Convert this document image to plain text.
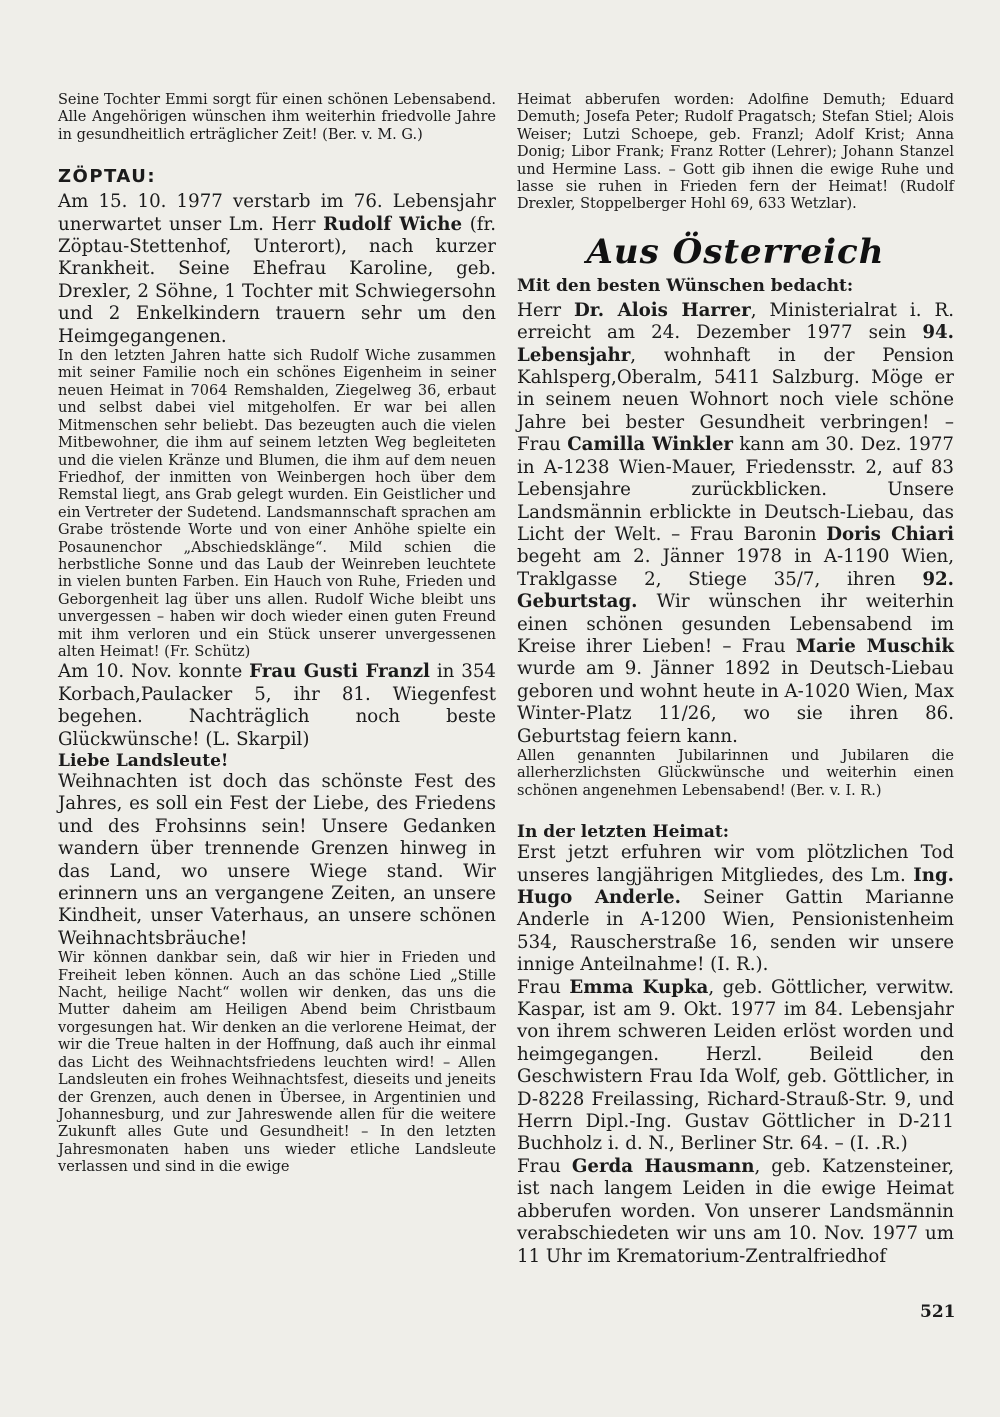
Seine Tochter Emmi sorgt für einen schönen Lebensabend. Alle Angehörigen wünschen ihm weiterhin friedvolle Jahre in gesundheitlich erträglicher Zeit! (Ber. v. M. G.)

ZÖPTAU:

Am 15. 10. 1977 verstarb im 76. Lebensjahr unerwartet unser Lm. Herr Rudolf Wiche (fr. Zöptau-Stettenhof, Unterort), nach kurzer Krankheit. Seine Ehefrau Karoline, geb. Drexler, 2 Söhne, 1 Tochter mit Schwiegersohn und 2 Enkelkindern trauern sehr um den Heimgegangenen.

In den letzten Jahren hatte sich Rudolf Wiche zusammen mit seiner Familie noch ein schönes Eigenheim in seiner neuen Heimat in 7064 Remshalden, Ziegelweg 36, erbaut und selbst dabei viel mitgeholfen. Er war bei allen Mitmenschen sehr beliebt. Das bezeugten auch die vielen Mitbewohner, die ihm auf seinem letzten Weg begleiteten und die vielen Kränze und Blumen, die ihm auf dem neuen Friedhof, der inmitten von Weinbergen hoch über dem Remstal liegt, ans Grab gelegt wurden. Ein Geistlicher und ein Vertreter der Sudetend. Landsmannschaft sprachen am Grabe tröstende Worte und von einer Anhöhe spielte ein Posaunenchor „Abschiedsklänge“. Mild schien die herbstliche Sonne und das Laub der Weinreben leuchtete in vielen bunten Farben. Ein Hauch von Ruhe, Frieden und Geborgenheit lag über uns allen. Rudolf Wiche bleibt uns unvergessen – haben wir doch wieder einen guten Freund mit ihm verloren und ein Stück unserer unvergessenen alten Heimat! (Fr. Schütz)

Am 10. Nov. konnte Frau Gusti Franzl in 354 Korbach,Paulacker 5, ihr 81. Wiegenfest begehen. Nachträglich noch beste Glückwünsche! (L. Skarpil)

Liebe Landsleute!

Weihnachten ist doch das schönste Fest des Jahres, es soll ein Fest der Liebe, des Friedens und des Frohsinns sein! Unsere Gedanken wandern über trennende Grenzen hinweg in das Land, wo unsere Wiege stand. Wir erinnern uns an vergangene Zeiten, an unsere Kindheit, unser Vaterhaus, an unsere schönen Weihnachtsbräuche!

Wir können dankbar sein, daß wir hier in Frieden und Freiheit leben können. Auch an das schöne Lied „Stille Nacht, heilige Nacht“ wollen wir denken, das uns die Mutter daheim am Heiligen Abend beim Christbaum vorgesungen hat. Wir denken an die verlorene Heimat, der wir die Treue halten in der Hoffnung, daß auch ihr einmal das Licht des Weihnachtsfriedens leuchten wird! – Allen Landsleuten ein frohes Weihnachtsfest, dieseits und jeneits der Grenzen, auch denen in Übersee, in Argentinien und Johannesburg, und zur Jahreswende allen für die weitere Zukunft alles Gute und Gesundheit! – In den letzten Jahresmonaten haben uns wieder etliche Landsleute verlassen und sind in die ewige

Heimat abberufen worden: Adolfine Demuth; Eduard Demuth; Josefa Peter; Rudolf Pragatsch; Stefan Stiel; Alois Weiser; Lutzi Schoepe, geb. Franzl; Adolf Krist; Anna Donig; Libor Frank; Franz Rotter (Lehrer); Johann Stanzel und Hermine Lass. – Gott gib ihnen die ewige Ruhe und lasse sie ruhen in Frieden fern der Heimat! (Rudolf Drexler, Stoppelberger Hohl 69, 633 Wetzlar).

Aus Österreich

Mit den besten Wünschen bedacht:

Herr Dr. Alois Harrer, Ministerialrat i. R. erreicht am 24. Dezember 1977 sein 94. Lebensjahr, wohnhaft in der Pension Kahlsperg,Oberalm, 5411 Salzburg. Möge er in seinem neuen Wohnort noch viele schöne Jahre bei bester Gesundheit verbringen! – Frau Camilla Winkler kann am 30. Dez. 1977 in A-1238 Wien-Mauer, Friedensstr. 2, auf 83 Lebensjahre zurückblicken. Unsere Landsmännin erblickte in Deutsch-Liebau, das Licht der Welt. – Frau Baronin Doris Chiari begeht am 2. Jänner 1978 in A-1190 Wien, Traklgasse 2, Stiege 35/7, ihren 92. Geburtstag. Wir wünschen ihr weiterhin einen schönen gesunden Lebensabend im Kreise ihrer Lieben! – Frau Marie Muschik wurde am 9. Jänner 1892 in Deutsch-Liebau geboren und wohnt heute in A-1020 Wien, Max Winter-Platz 11/26, wo sie ihren 86. Geburtstag feiern kann.

Allen genannten Jubilarinnen und Jubilaren die allerherzlichsten Glückwünsche und weiterhin einen schönen angenehmen Lebensabend! (Ber. v. I. R.)

In der letzten Heimat:

Erst jetzt erfuhren wir vom plötzlichen Tod unseres langjährigen Mitgliedes, des Lm. Ing. Hugo Anderle. Seiner Gattin Marianne Anderle in A-1200 Wien, Pensionistenheim 534, Rauscherstraße 16, senden wir unsere innige Anteilnahme! (I. R.).

Frau Emma Kupka, geb. Göttlicher, verwitw. Kaspar, ist am 9. Okt. 1977 im 84. Lebensjahr von ihrem schweren Leiden erlöst worden und heimgegangen. Herzl. Beileid den Geschwistern Frau Ida Wolf, geb. Göttlicher, in D-8228 Freilassing, Richard-Strauß-Str. 9, und Herrn Dipl.-Ing. Gustav Göttlicher in D-211 Buchholz i. d. N., Berliner Str. 64. – (I. .R.)

Frau Gerda Hausmann, geb. Katzensteiner, ist nach langem Leiden in die ewige Heimat abberufen worden. Von unserer Landsmännin verabschiedeten wir uns am 10. Nov. 1977 um 11 Uhr im Krematorium-Zentralfriedhof

521
